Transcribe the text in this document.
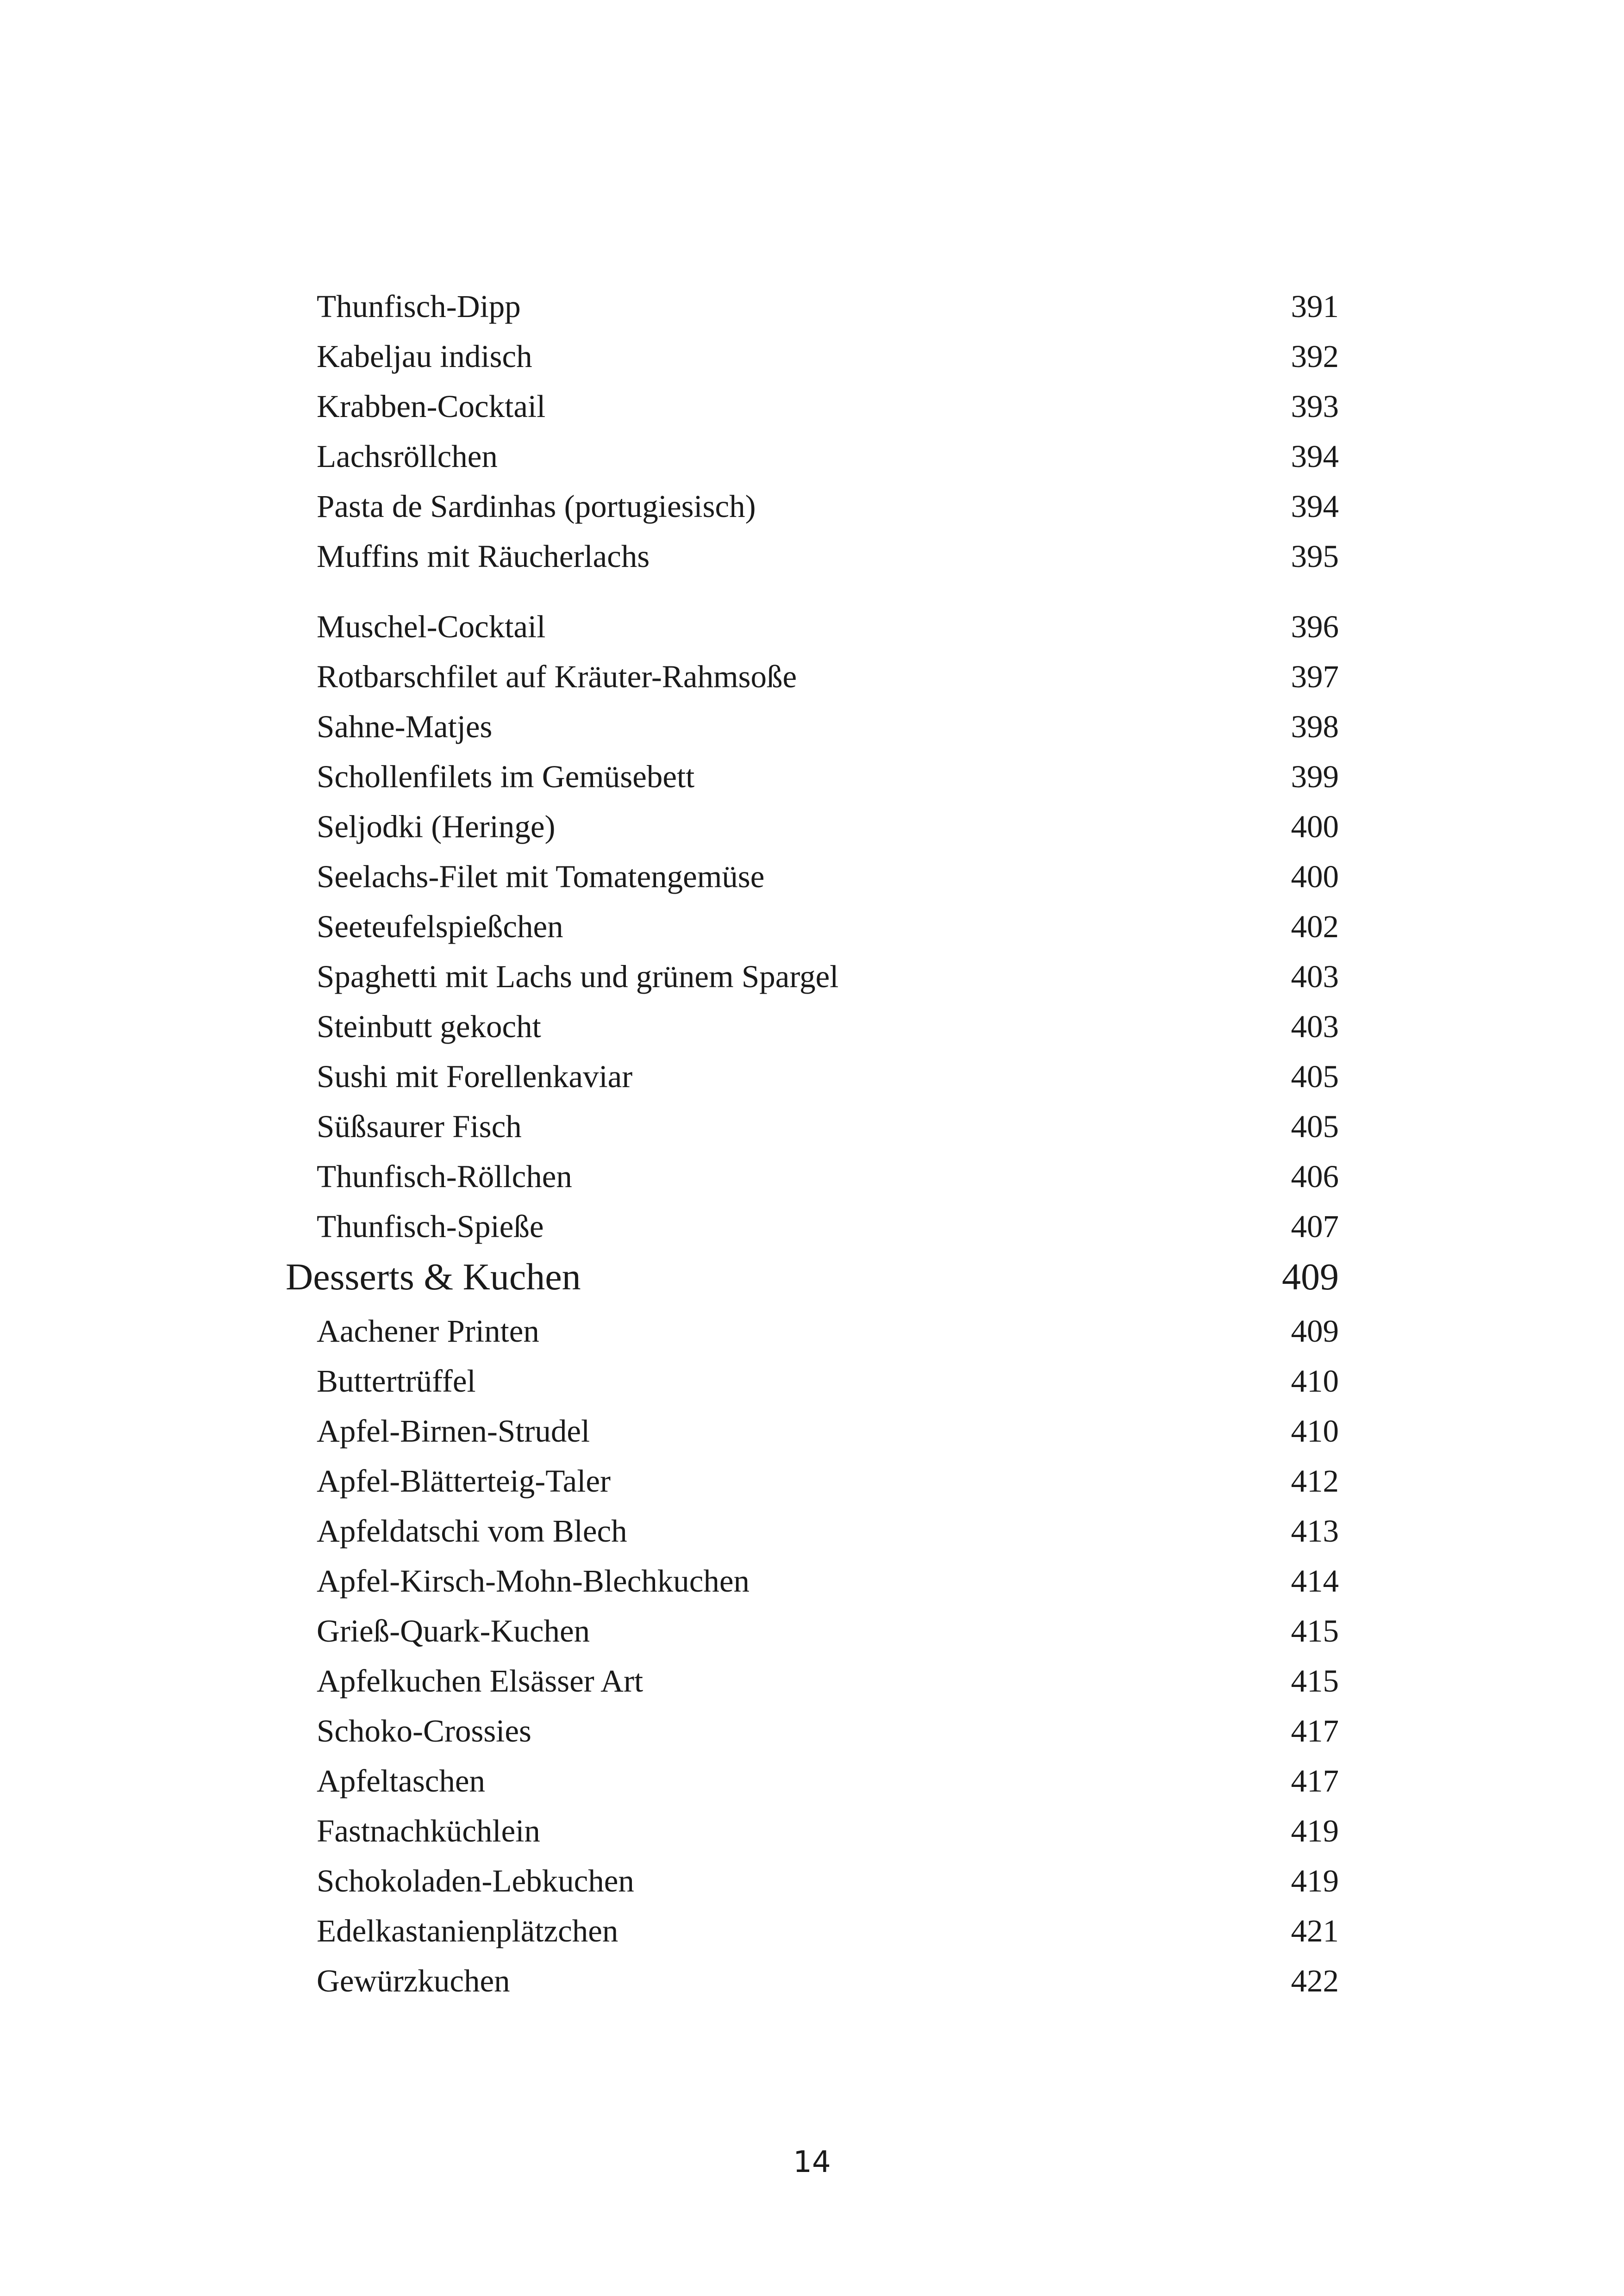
Thunfisch-Dipp	391
Kabeljau indisch	392
Krabben-Cocktail	393
Lachsröllchen	394
Pasta de Sardinhas (portugiesisch)	394
Muffins mit Räucherlachs	395
Muschel-Cocktail	396
Rotbarschfilet auf Kräuter-Rahmsoße	397
Sahne-Matjes	398
Schollenfilets im Gemüsebett	399
Seljodki (Heringe)	400
Seelachs-Filet mit Tomatengemüse	400
Seeteufelspießchen	402
Spaghetti mit Lachs und grünem Spargel	403
Steinbutt gekocht	403
Sushi mit Forellenkaviar	405
Süßsaurer Fisch	405
Thunfisch-Röllchen	406
Thunfisch-Spieße	407
Desserts & Kuchen	409
Aachener Printen	409
Buttertrüffel	410
Apfel-Birnen-Strudel	410
Apfel-Blätterteig-Taler	412
Apfeldatschi vom Blech	413
Apfel-Kirsch-Mohn-Blechkuchen	414
Grieß-Quark-Kuchen	415
Apfelkuchen Elsässer Art	415
Schoko-Crossies	417
Apfeltaschen	417
Fastnachküchlein	419
Schokoladen-Lebkuchen	419
Edelkastanienplätzchen	421
Gewürzkuchen	422
14
